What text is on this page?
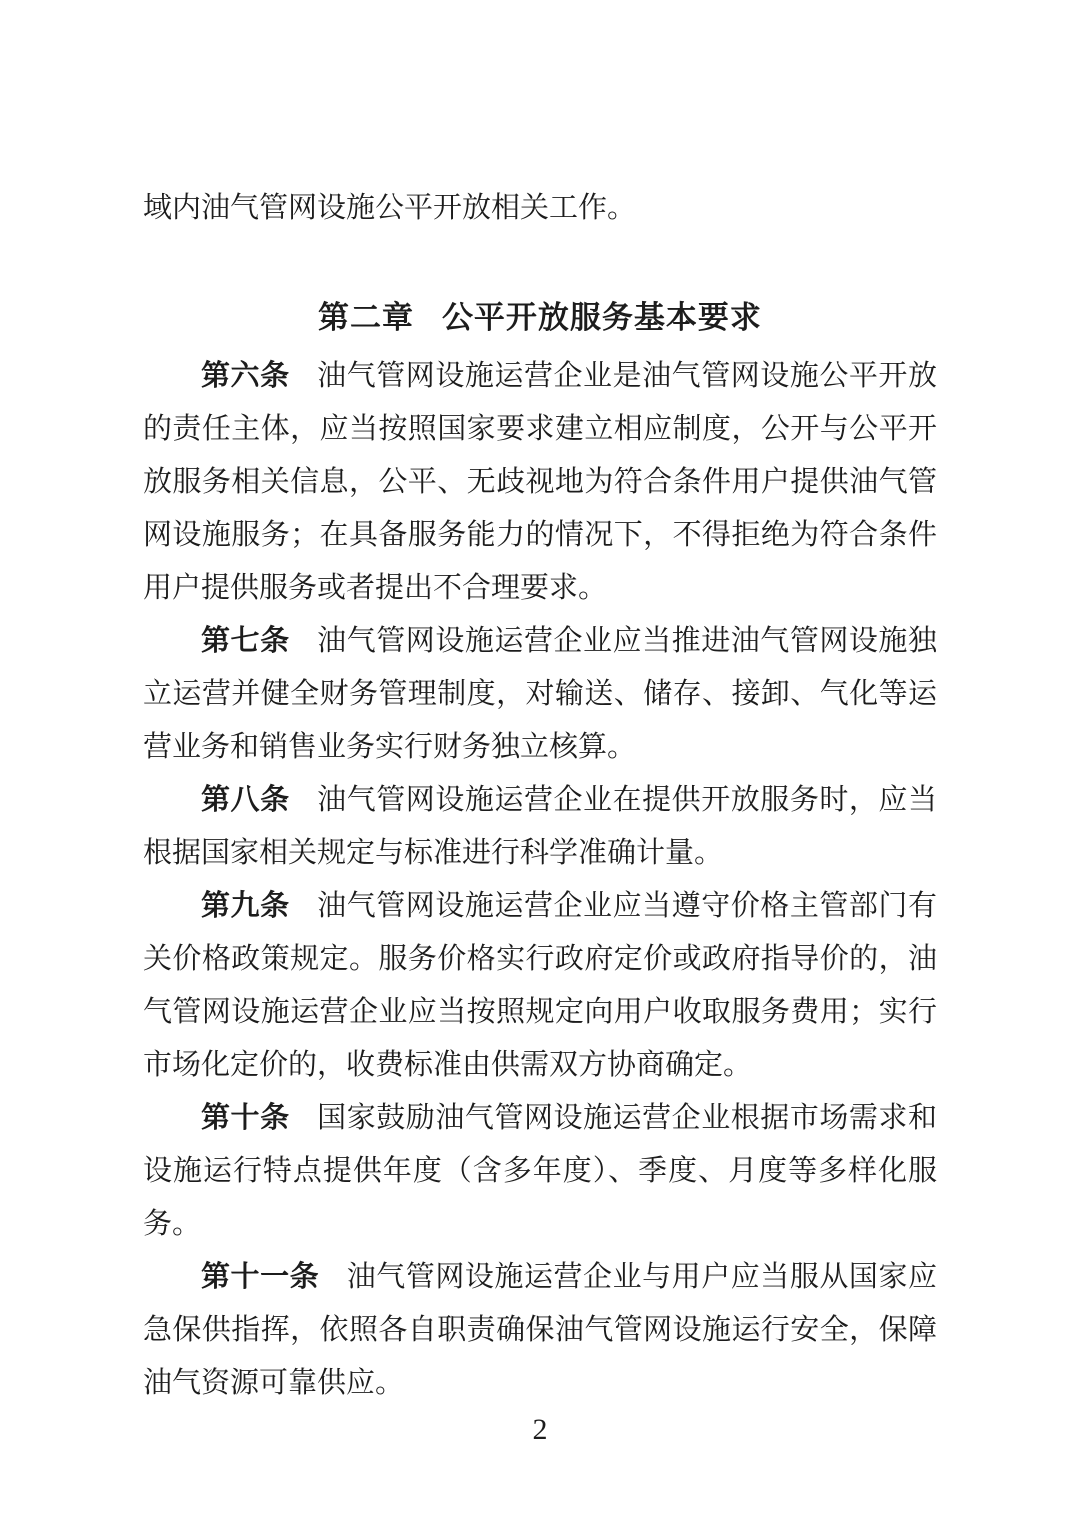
域内油气管网设施公平开放相关工作。

第二章 公平开放服务基本要求

第六条 油气管网设施运营企业是油气管网设施公平开放的责任主体，应当按照国家要求建立相应制度，公开与公平开放服务相关信息，公平、无歧视地为符合条件用户提供油气管网设施服务；在具备服务能力的情况下，不得拒绝为符合条件用户提供服务或者提出不合理要求。

第七条 油气管网设施运营企业应当推进油气管网设施独立运营并健全财务管理制度，对输送、储存、接卸、气化等运营业务和销售业务实行财务独立核算。

第八条 油气管网设施运营企业在提供开放服务时，应当根据国家相关规定与标准进行科学准确计量。

第九条 油气管网设施运营企业应当遵守价格主管部门有关价格政策规定。服务价格实行政府定价或政府指导价的，油气管网设施运营企业应当按照规定向用户收取服务费用；实行市场化定价的，收费标准由供需双方协商确定。

第十条 国家鼓励油气管网设施运营企业根据市场需求和设施运行特点提供年度（含多年度）、季度、月度等多样化服务。

第十一条 油气管网设施运营企业与用户应当服从国家应急保供指挥，依照各自职责确保油气管网设施运行安全，保障油气资源可靠供应。

2
